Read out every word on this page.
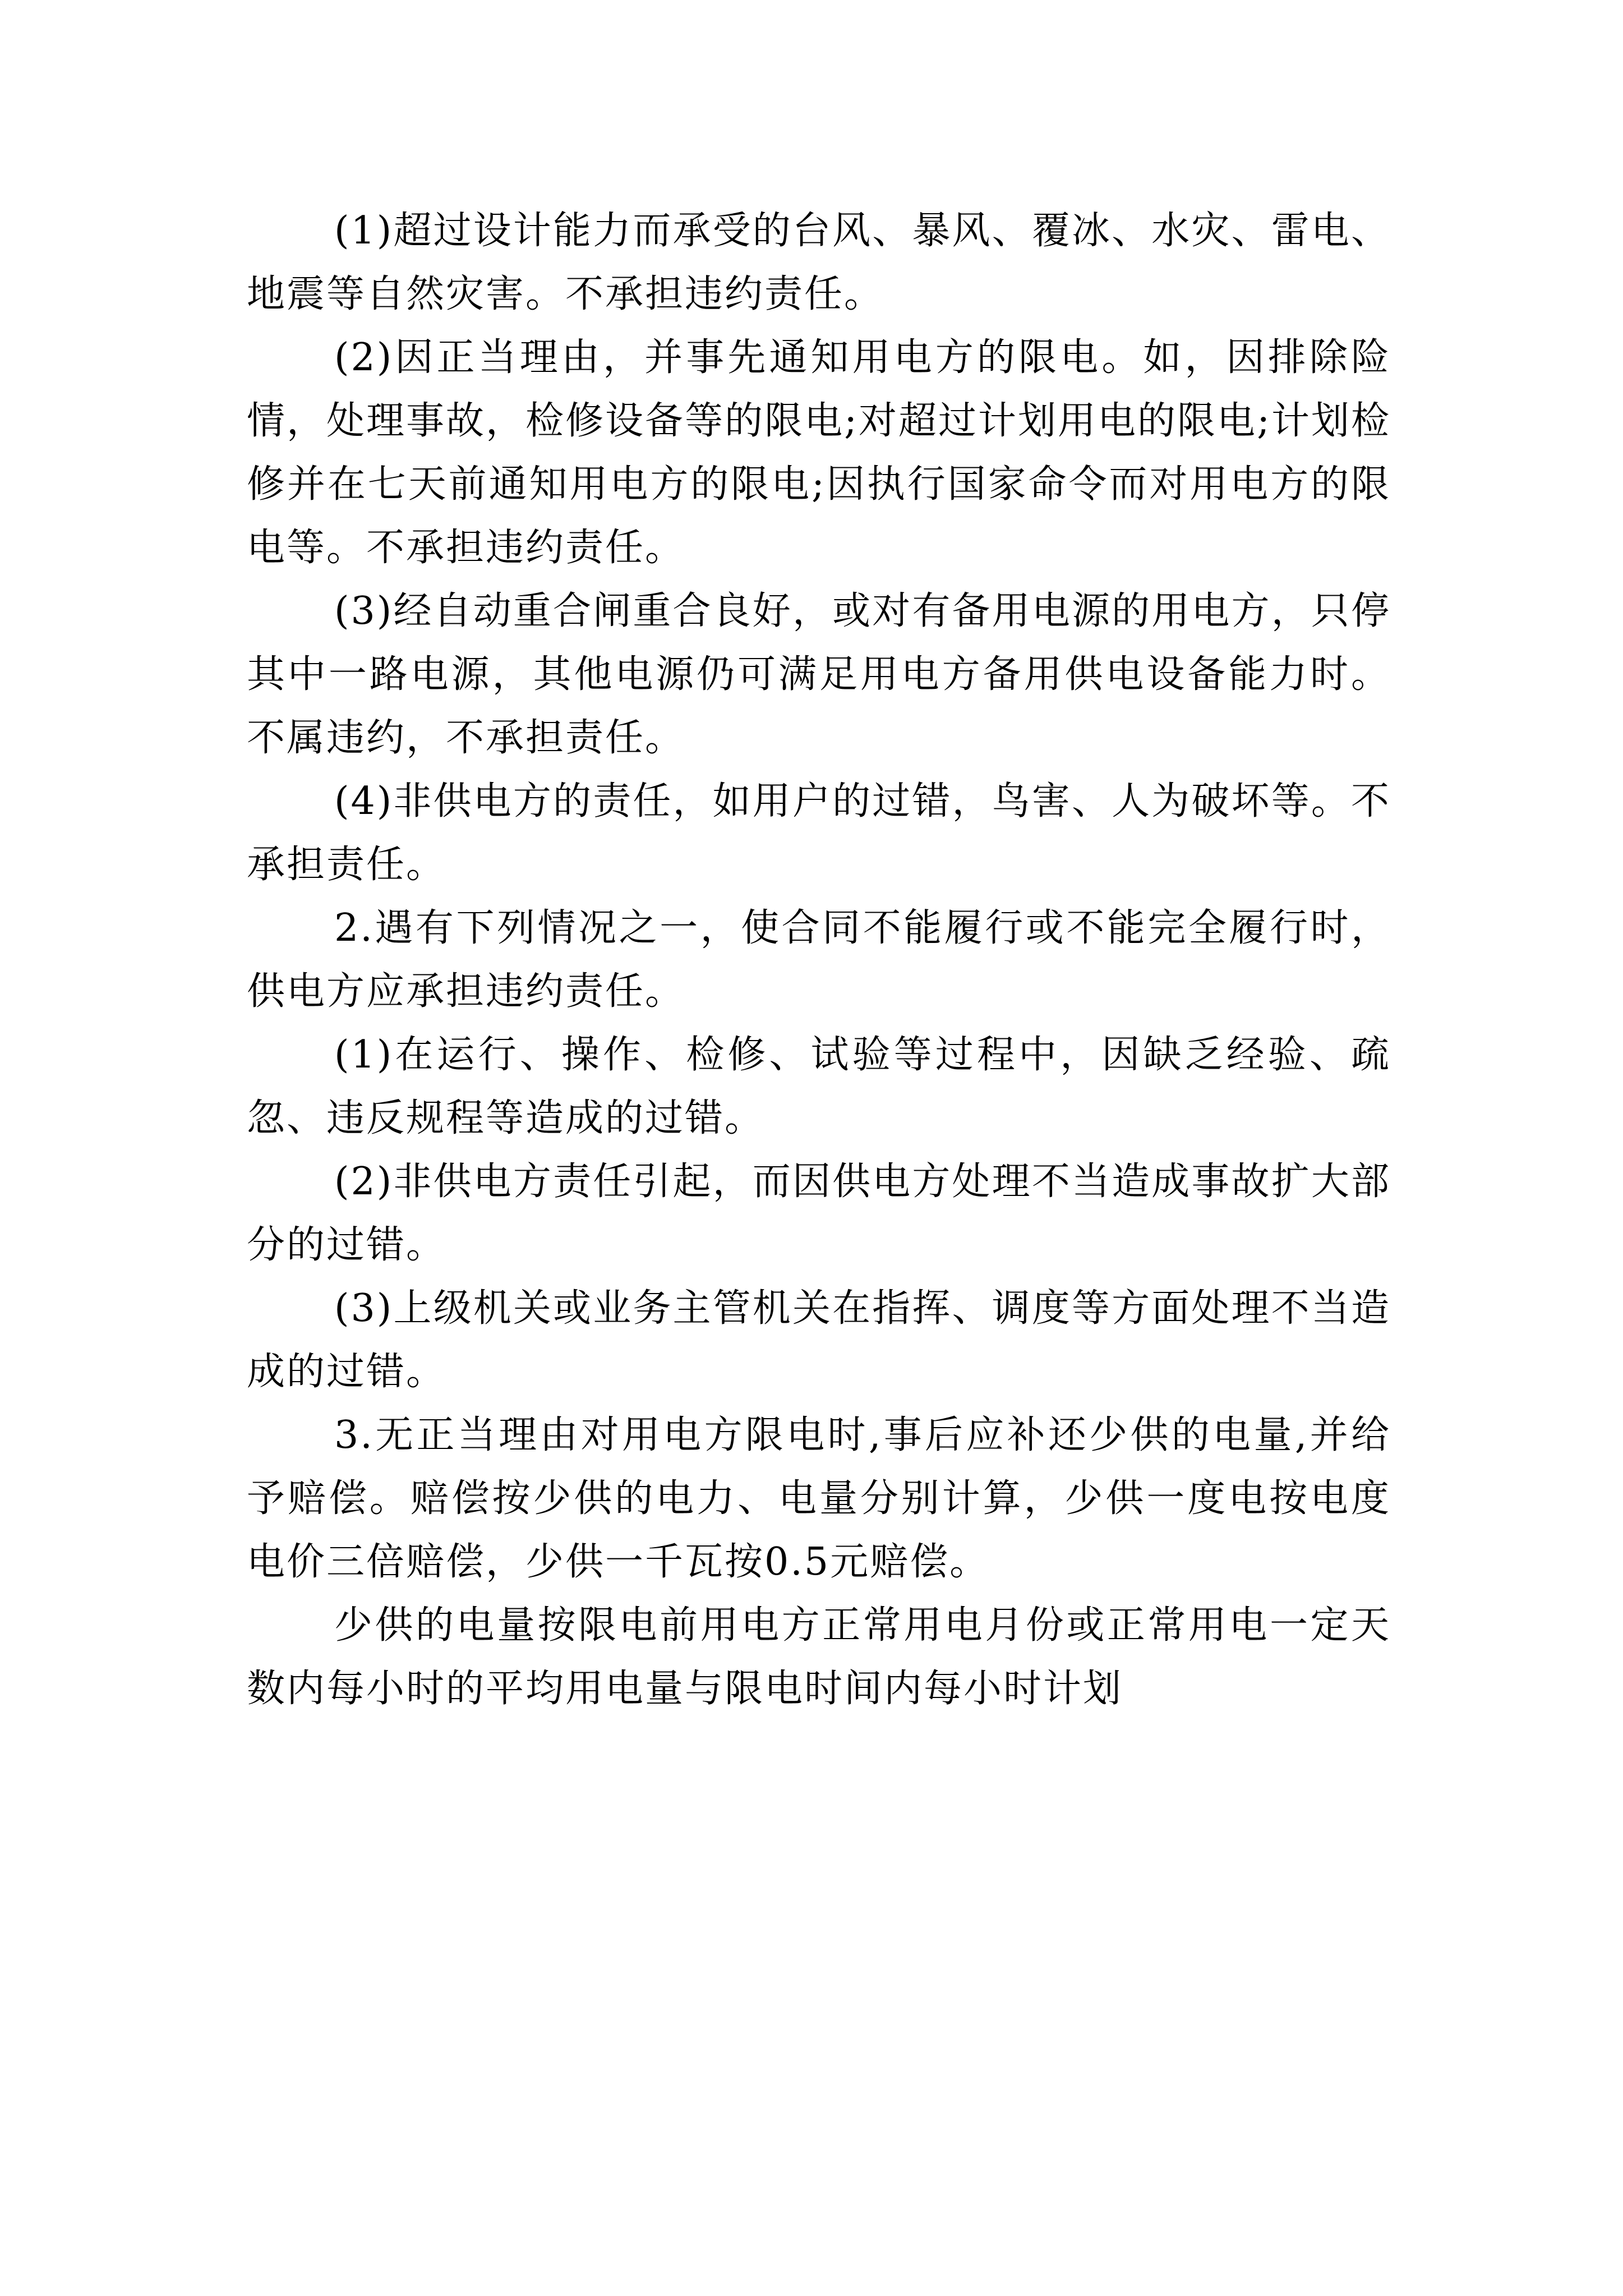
(1)超过设计能力而承受的台风、暴风、覆冰、水灾、雷电、地震等自然灾害。不承担违约责任。

(2)因正当理由，并事先通知用电方的限电。如，因排除险情，处理事故，检修设备等的限电;对超过计划用电的限电;计划检修并在七天前通知用电方的限电;因执行国家命令而对用电方的限电等。不承担违约责任。

(3)经自动重合闸重合良好，或对有备用电源的用电方，只停其中一路电源，其他电源仍可满足用电方备用供电设备能力时。不属违约，不承担责任。

(4)非供电方的责任，如用户的过错，鸟害、人为破坏等。不承担责任。

2.遇有下列情况之一，使合同不能履行或不能完全履行时，供电方应承担违约责任。

(1)在运行、操作、检修、试验等过程中，因缺乏经验、疏忽、违反规程等造成的过错。

(2)非供电方责任引起，而因供电方处理不当造成事故扩大部分的过错。

(3)上级机关或业务主管机关在指挥、调度等方面处理不当造成的过错。

3.无正当理由对用电方限电时,事后应补还少供的电量,并给予赔偿。赔偿按少供的电力、电量分别计算，少供一度电按电度电价三倍赔偿，少供一千瓦按0.5元赔偿。

少供的电量按限电前用电方正常用电月份或正常用电一定天数内每小时的平均用电量与限电时间内每小时计划
